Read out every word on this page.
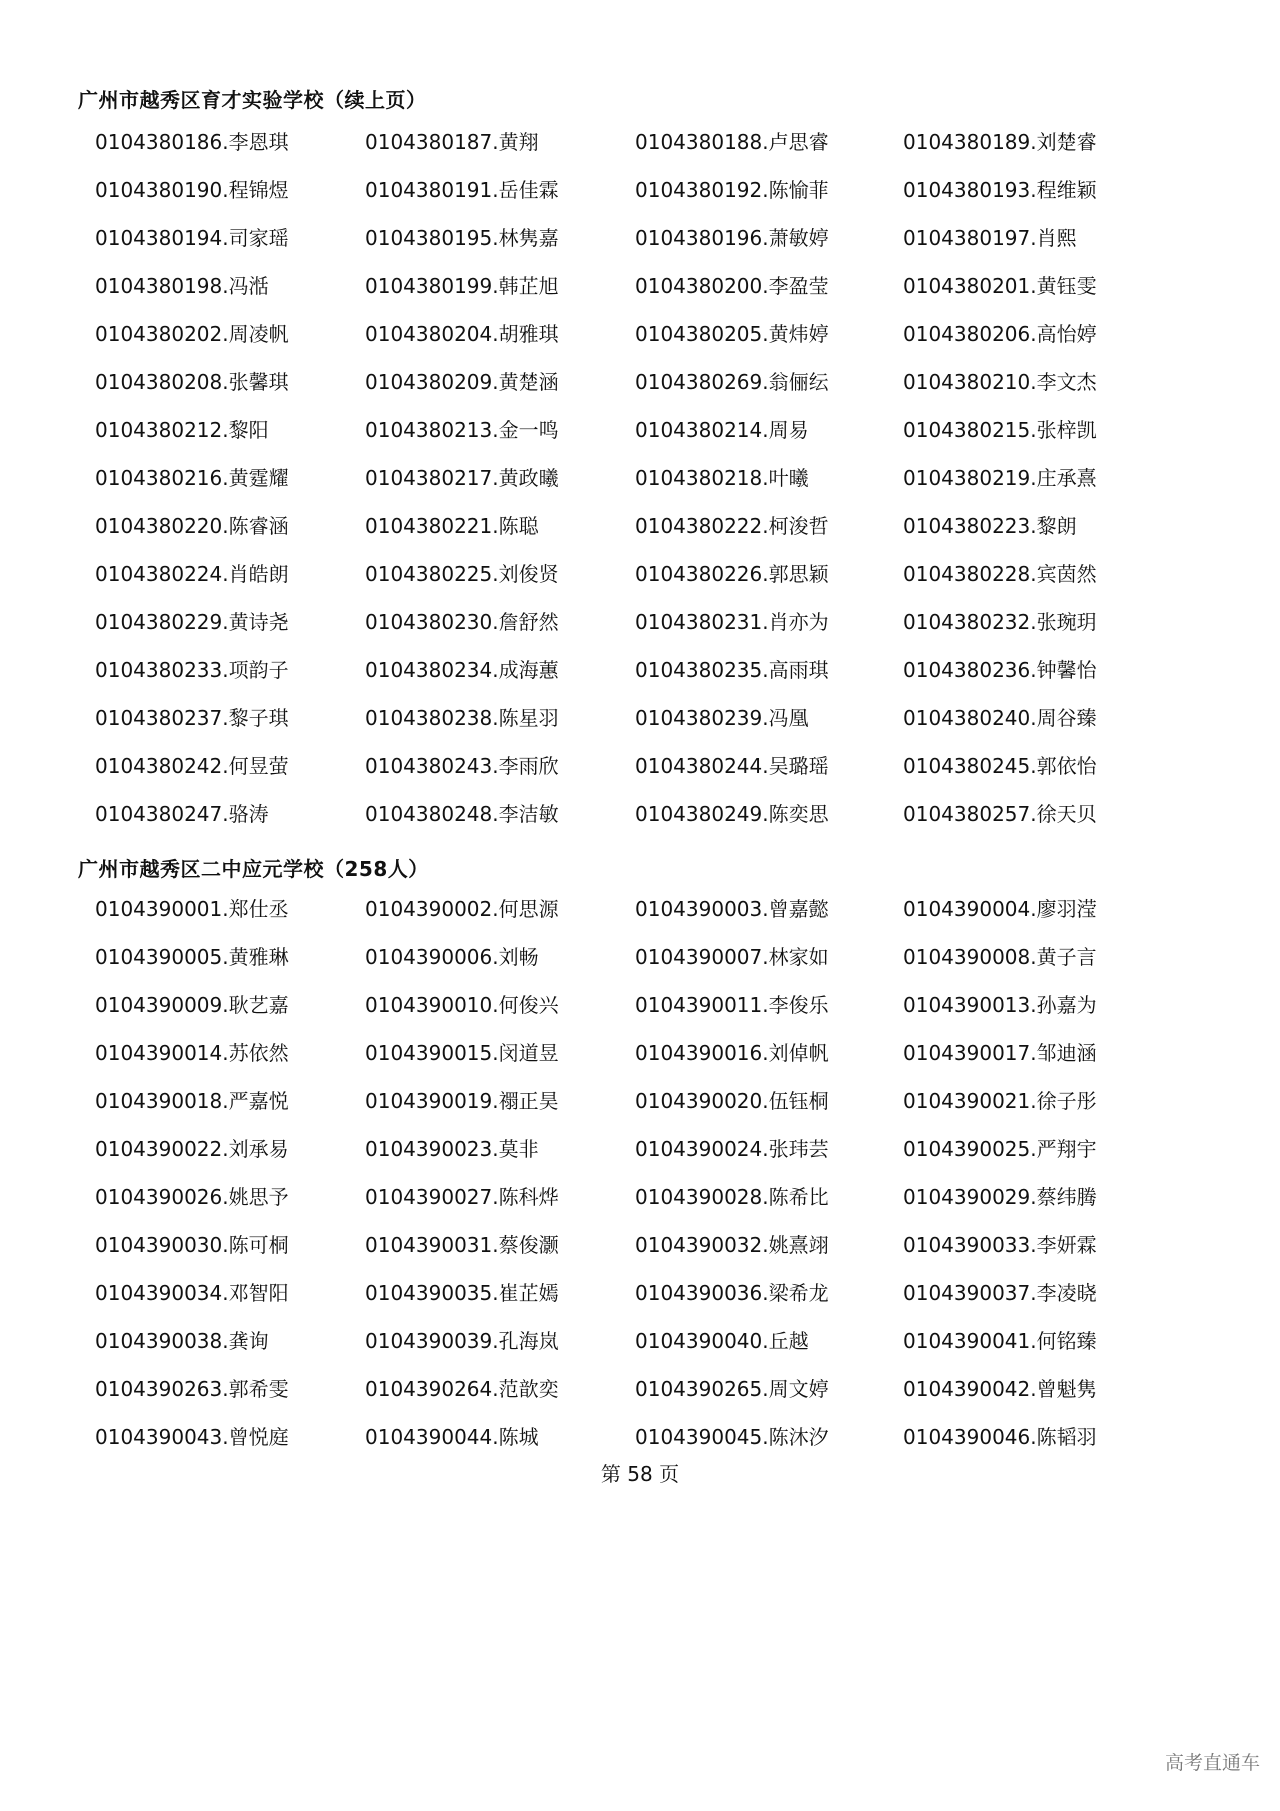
广州市越秀区育才实验学校（续上页）
0104380186.李恩琪	0104380187.黄翔	0104380188.卢思睿	0104380189.刘楚睿
0104380190.程锦煜	0104380191.岳佳霖	0104380192.陈愉菲	0104380193.程维颖
0104380194.司家瑶	0104380195.林隽嘉	0104380196.萧敏婷	0104380197.肖熙
0104380198.冯湉	0104380199.韩芷旭	0104380200.李盈莹	0104380201.黄钰雯
0104380202.周凌帆	0104380204.胡雅琪	0104380205.黄炜婷	0104380206.高怡婷
0104380208.张馨琪	0104380209.黄楚涵	0104380269.翁俪纭	0104380210.李文杰
0104380212.黎阳	0104380213.金一鸣	0104380214.周易	0104380215.张梓凯
0104380216.黄霆耀	0104380217.黄政曦	0104380218.叶曦	0104380219.庄承熹
0104380220.陈睿涵	0104380221.陈聪	0104380222.柯浚哲	0104380223.黎朗
0104380224.肖皓朗	0104380225.刘俊贤	0104380226.郭思颖	0104380228.宾茵然
0104380229.黄诗尧	0104380230.詹舒然	0104380231.肖亦为	0104380232.张琬玥
0104380233.项韵子	0104380234.成海蕙	0104380235.高雨琪	0104380236.钟馨怡
0104380237.黎子琪	0104380238.陈星羽	0104380239.冯凰	0104380240.周谷臻
0104380242.何昱萤	0104380243.李雨欣	0104380244.吴璐瑶	0104380245.郭依怡
0104380247.骆涛	0104380248.李洁敏	0104380249.陈奕思	0104380257.徐天贝
广州市越秀区二中应元学校（258人）
0104390001.郑仕丞	0104390002.何思源	0104390003.曾嘉懿	0104390004.廖羽滢
0104390005.黄雅琳	0104390006.刘畅	0104390007.林家如	0104390008.黄子言
0104390009.耿艺嘉	0104390010.何俊兴	0104390011.李俊乐	0104390013.孙嘉为
0104390014.苏依然	0104390015.闵道昱	0104390016.刘倬帆	0104390017.邹迪涵
0104390018.严嘉悦	0104390019.禤正昊	0104390020.伍钰桐	0104390021.徐子彤
0104390022.刘承易	0104390023.莫非	0104390024.张玮芸	0104390025.严翔宇
0104390026.姚思予	0104390027.陈科烨	0104390028.陈希比	0104390029.蔡纬腾
0104390030.陈可桐	0104390031.蔡俊灏	0104390032.姚熹翊	0104390033.李妍霖
0104390034.邓智阳	0104390035.崔芷嫣	0104390036.梁希龙	0104390037.李凌晓
0104390038.龚询	0104390039.孔海岚	0104390040.丘越	0104390041.何铭臻
0104390263.郭希雯	0104390264.范歆奕	0104390265.周文婷	0104390042.曾魁隽
0104390043.曾悦庭	0104390044.陈城	0104390045.陈沐汐	0104390046.陈韬羽
第 58 页
高考直通车
